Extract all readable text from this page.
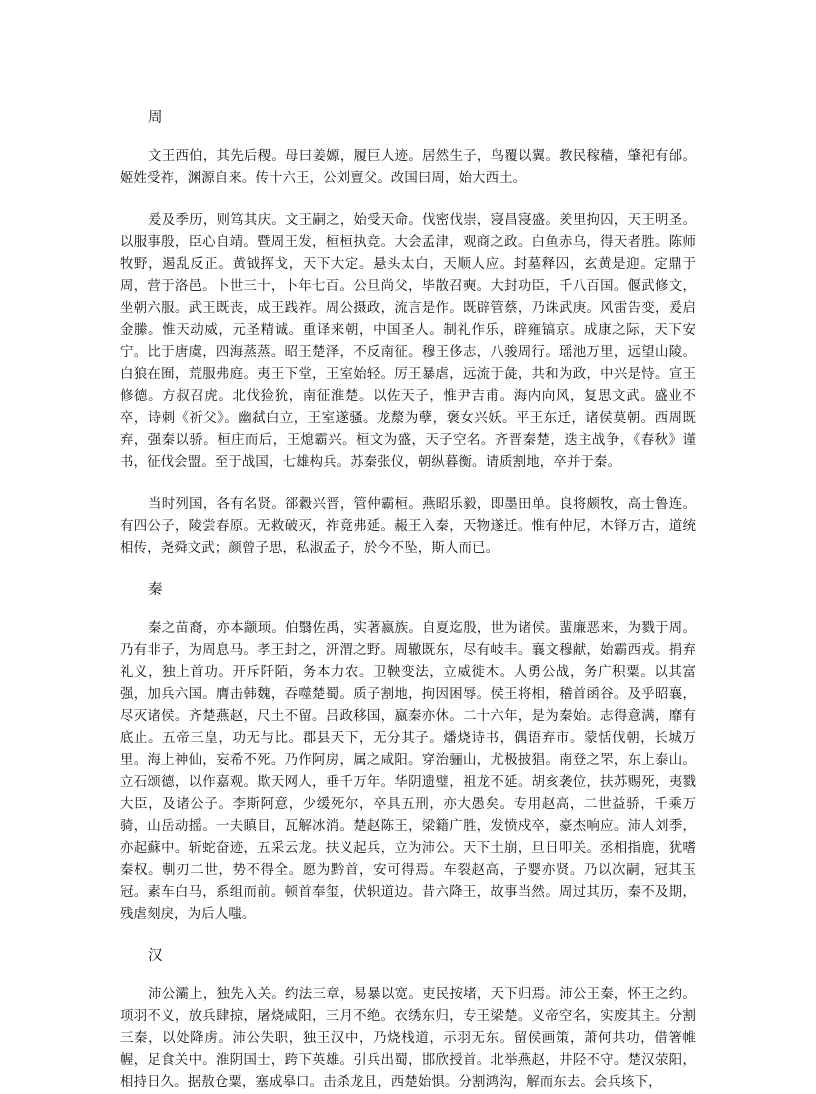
周

文王西伯，其先后稷。母曰姜嫄，履巨人迹。居然生子，鸟覆以翼。教民稼穑，肇祀有邰。姬姓受祚，渊源自来。传十六王，公刘亶父。改国曰周，始大西土。

爰及季历，则笃其庆。文王嗣之，始受天命。伐密伐崇，寖昌寖盛。羑里拘囚，天王明圣。以服事殷，臣心自靖。暨周王发，桓桓执竞。大会孟津，观商之政。白鱼赤乌，得天者胜。陈师牧野，遏乱反正。黄钺挥戈，天下大定。悬头太白，天顺人应。封墓释囚，玄黄是迎。定鼎于周，营于洛邑。卜世三十，卜年七百。公旦尚父，毕散召奭。大封功臣，千八百国。偃武修文，坐朝六服。武王既丧，成王践祚。周公摄政，流言是作。既辟管蔡，乃诛武庚。风雷告变，爰启金縢。惟天动威，元圣精诚。重译来朝，中国圣人。制礼作乐，辟雍镐京。成康之际，天下安宁。比于唐虞，四海蒸蒸。昭王楚泽，不反南征。穆王侈志，八骏周行。瑶池万里，远望山陵。白狼在囿，荒服弗庭。夷王下堂，王室始轻。厉王暴虐，远流于彘，共和为政，中兴是恃。宣王修德。方叔召虎。北伐猃狁，南征淮楚。以佐天子，惟尹吉甫。海内向风，复思文武。盛业不卒，诗刺《祈父》。幽弑白立，王室遂骚。龙漦为孽，褒女兴妖。平王东迁，诸侯莫朝。西周既弃，强秦以骄。桓庄而后，王熄霸兴。桓文为盛，天子空名。齐晋秦楚，迭主战争，《春秋》谨书，征伐会盟。至于战国，七雄构兵。苏秦张仪，朝纵暮衡。请质割地，卒并于秦。

当时列国，各有名贤。郤縠兴晋，管仲霸桓。燕昭乐毅，即墨田单。良将颇牧，高士鲁连。有四公子，陵尝春原。无救破灭，祚竟弗延。赧王入秦，天物遂迁。惟有仲尼，木铎万古，道统相传，尧舜文武；颜曾子思，私淑孟子，於今不坠，斯人而已。

秦

秦之苗裔，亦本颛顼。伯翳佐禹，实著嬴族。自夏迄殷，世为诸侯。蜚廉恶来，为戮于周。乃有非子，为周息马。孝王封之，汧渭之野。周辙既东，尽有岐丰。襄文穆献，始霸西戎。捐弃礼义，独上首功。开斥阡陌，务本力农。卫鞅变法，立威徙木。人勇公战，务广积粟。以其富强，加兵六国。膺击韩魏，吞噬楚蜀。质子割地，拘因困辱。侯王将相，稽首函谷。及乎昭襄，尽灭诸侯。齐楚燕赵，尺土不留。吕政移国，嬴秦亦休。二十六年，是为秦始。志得意满，靡有底止。五帝三皇，功无与比。郡县天下，无分其子。燔烧诗书，偶语弃市。蒙恬伐朝，长城万里。海上神仙，妄希不死。乃作阿房，属之咸阳。穿治骊山，尤极披猖。南登之罘，东上泰山。立石颂德，以作嘉观。欺天网人，垂千万年。华阴遗璧，祖龙不延。胡亥袭位，扶苏赐死，夷戮大臣，及诸公子。李斯阿意，少缓死尔，卒具五刑，亦大愚矣。专用赵高，二世益骄，千乘万骑，山岳动摇。一夫瞋目，瓦解冰消。楚赵陈王，梁籍广胜，发愤戍卒，豪杰响应。沛人刘季，亦起蘇中。斩蛇奋迹，五采云龙。扶义起兵，立为沛公。天下土崩，旦日叩关。丞相指鹿，犹嗜秦权。剸刃二世，势不得全。愿为黔首，安可得焉。车裂赵高，子婴亦贤。乃以次嗣，冠其玉冠。素车白马，系组而前。顿首奉玺，伏轵道边。昔六降王，故事当然。周过其历，秦不及期，残虐刻戾，为后人嗤。

汉

沛公灞上，独先入关。约法三章，易暴以宽。吏民按堵，天下归焉。沛公王秦，怀王之约。项羽不义，放兵肆掠，屠烧咸阳，三月不绝。衣绣东归，专王梁楚。义帝空名，实废其主。分割三秦，以处降虏。沛公失职，独王汉中，乃烧栈道，示羽无东。留侯画策，萧何共功，借箸帷幄，足食关中。淮阴国士，跨下英雄。引兵出蜀，邯欣授首。北举燕赵，井陉不守。楚汉荥阳，相持日久。据敖仓粟，塞成皋口。击杀龙且，西楚始惧。分割鸿沟，解而东去。会兵垓下，
